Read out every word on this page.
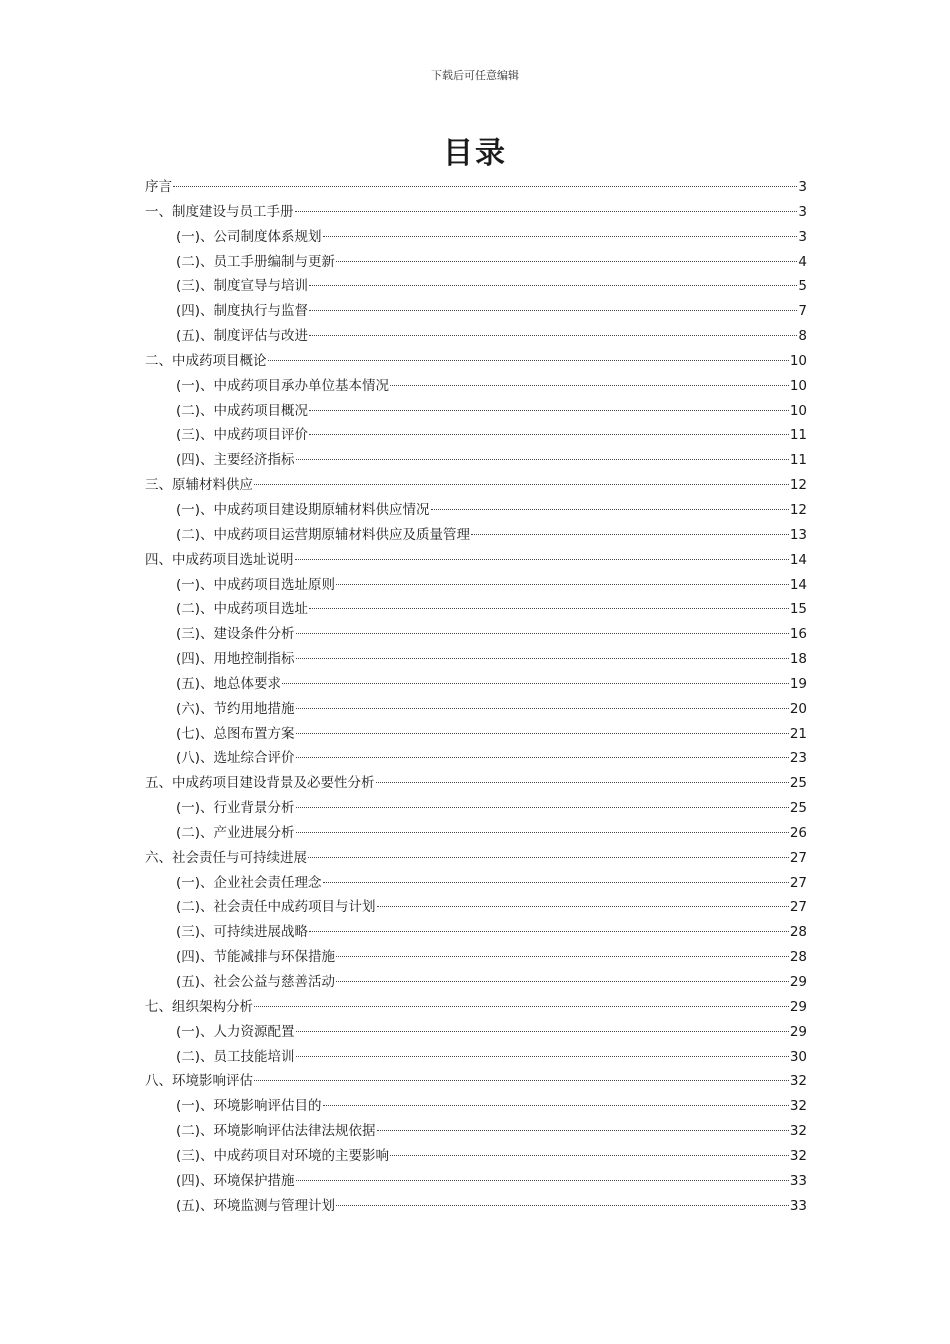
下载后可任意编辑
目录
序言	3
一、制度建设与员工手册	3
(一)、公司制度体系规划	3
(二)、员工手册编制与更新	4
(三)、制度宣导与培训	5
(四)、制度执行与监督	7
(五)、制度评估与改进	8
二、中成药项目概论	10
(一)、中成药项目承办单位基本情况	10
(二)、中成药项目概况	10
(三)、中成药项目评价	11
(四)、主要经济指标	11
三、原辅材料供应	12
(一)、中成药项目建设期原辅材料供应情况	12
(二)、中成药项目运营期原辅材料供应及质量管理	13
四、中成药项目选址说明	14
(一)、中成药项目选址原则	14
(二)、中成药项目选址	15
(三)、建设条件分析	16
(四)、用地控制指标	18
(五)、地总体要求	19
(六)、节约用地措施	20
(七)、总图布置方案	21
(八)、选址综合评价	23
五、中成药项目建设背景及必要性分析	25
(一)、行业背景分析	25
(二)、产业进展分析	26
六、社会责任与可持续进展	27
(一)、企业社会责任理念	27
(二)、社会责任中成药项目与计划	27
(三)、可持续进展战略	28
(四)、节能减排与环保措施	28
(五)、社会公益与慈善活动	29
七、组织架构分析	29
(一)、人力资源配置	29
(二)、员工技能培训	30
八、环境影响评估	32
(一)、环境影响评估目的	32
(二)、环境影响评估法律法规依据	32
(三)、中成药项目对环境的主要影响	32
(四)、环境保护措施	33
(五)、环境监测与管理计划	33
